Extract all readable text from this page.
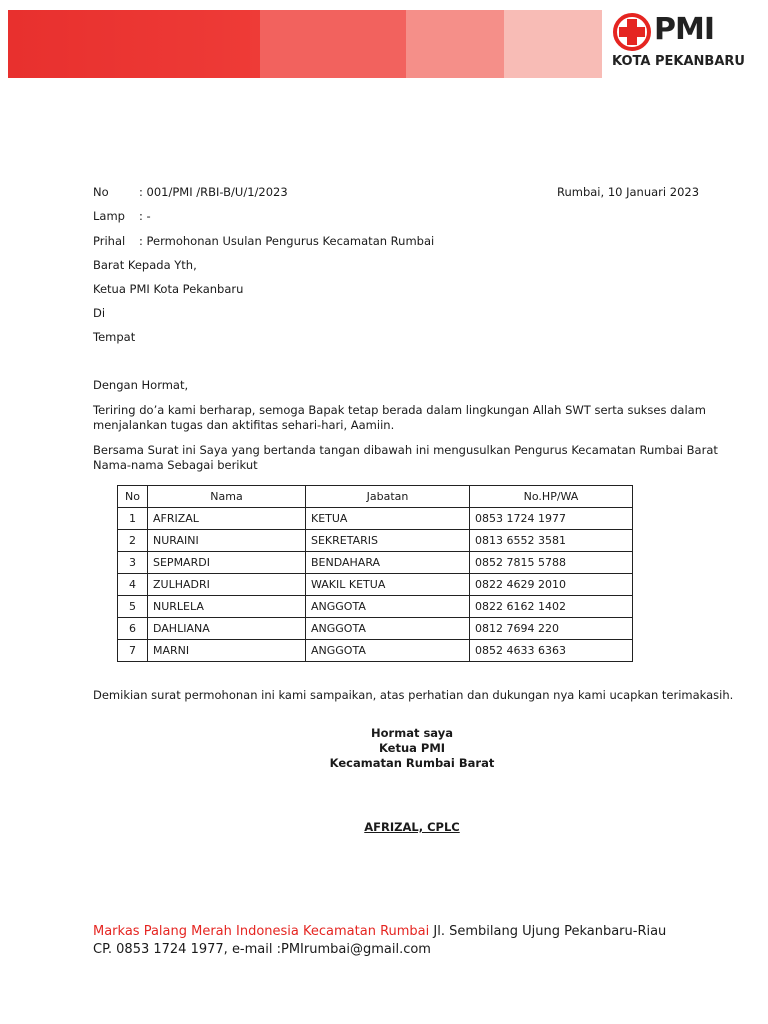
PMI
KOTA PEKANBARU
No	: 001/PMI /RBI-B/U/1/2023	Rumbai, 10 Januari 2023
Lamp : -
Prihal : Permohonan Usulan Pengurus Kecamatan Rumbai
Barat Kepada Yth,
Ketua PMI Kota Pekanbaru
Di
Tempat
Dengan Hormat,
Teriring do’a kami berharap, semoga Bapak tetap berada dalam lingkungan Allah SWT serta sukses dalam menjalankan tugas dan aktifitas sehari-hari, Aamiin.
Bersama Surat ini Saya yang bertanda tangan dibawah ini mengusulkan Pengurus Kecamatan Rumbai Barat Nama-nama Sebagai berikut
No	Nama	Jabatan	No.HP/WA
1	AFRIZAL	KETUA	0853 1724 1977
2	NURAINI	SEKRETARIS	0813 6552 3581
3	SEPMARDI	BENDAHARA	0852 7815 5788
4	ZULHADRI	WAKIL KETUA	0822 4629 2010
5	NURLELA	ANGGOTA	0822 6162 1402
6	DAHLIANA	ANGGOTA	0812 7694 220
7	MARNI	ANGGOTA	0852 4633 6363
Demikian surat permohonan ini kami sampaikan, atas perhatian dan dukungan nya kami ucapkan terimakasih.
Hormat saya
Ketua PMI
Kecamatan Rumbai Barat
AFRIZAL, CPLC
Markas Palang Merah Indonesia Kecamatan Rumbai Jl. Sembilang Ujung Pekanbaru-Riau
CP. 0853 1724 1977, e-mail :PMIrumbai@gmail.com
